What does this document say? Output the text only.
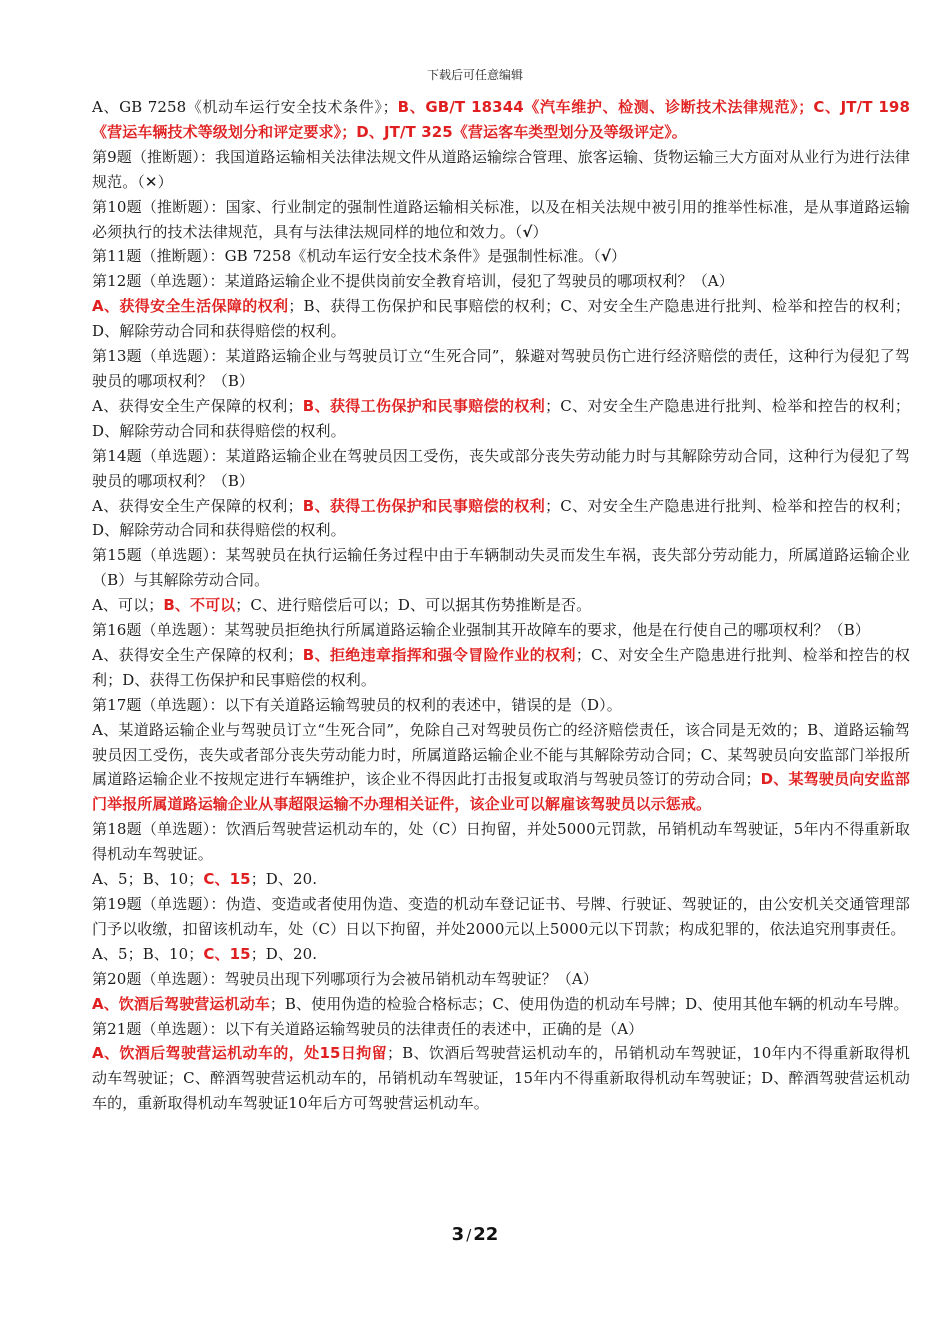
下载后可任意编辑

A、GB 7258《机动车运行安全技术条件》；B、GB/T 18344《汽车维护、检测、诊断技术法律规范》；C、JT/T 198《营运车辆技术等级划分和评定要求》；D、JT/T 325《营运客车类型划分及等级评定》。

第9题（推断题）：我国道路运输相关法律法规文件从道路运输综合管理、旅客运输、货物运输三大方面对从业行为进行法律规范。（✕）

第10题（推断题）：国家、行业制定的强制性道路运输相关标准，以及在相关法规中被引用的推举性标准，是从事道路运输必须执行的技术法律规范，具有与法律法规同样的地位和效力。（√）

第11题（推断题）：GB 7258《机动车运行安全技术条件》是强制性标准。（√）

第12题（单选题）：某道路运输企业不提供岗前安全教育培训，侵犯了驾驶员的哪项权利？（A）

A、获得安全生活保障的权利；B、获得工伤保护和民事赔偿的权利；C、对安全生产隐患进行批判、检举和控告的权利；D、解除劳动合同和获得赔偿的权利。

第13题（单选题）：某道路运输企业与驾驶员订立“生死合同”，躲避对驾驶员伤亡进行经济赔偿的责任，这种行为侵犯了驾驶员的哪项权利？（B）

A、获得安全生产保障的权利；B、获得工伤保护和民事赔偿的权利；C、对安全生产隐患进行批判、检举和控告的权利；D、解除劳动合同和获得赔偿的权利。

第14题（单选题）：某道路运输企业在驾驶员因工受伤，丧失或部分丧失劳动能力时与其解除劳动合同，这种行为侵犯了驾驶员的哪项权利？（B）

A、获得安全生产保障的权利；B、获得工伤保护和民事赔偿的权利；C、对安全生产隐患进行批判、检举和控告的权利；D、解除劳动合同和获得赔偿的权利。

第15题（单选题）：某驾驶员在执行运输任务过程中由于车辆制动失灵而发生车祸，丧失部分劳动能力，所属道路运输企业（B）与其解除劳动合同。

A、可以；B、不可以；C、进行赔偿后可以；D、可以据其伤势推断是否。

第16题（单选题）：某驾驶员拒绝执行所属道路运输企业强制其开故障车的要求，他是在行使自己的哪项权利？（B）

A、获得安全生产保障的权利；B、拒绝违章指挥和强令冒险作业的权利；C、对安全生产隐患进行批判、检举和控告的权利；D、获得工伤保护和民事赔偿的权利。

第17题（单选题）：以下有关道路运输驾驶员的权利的表述中，错误的是（D）。

A、某道路运输企业与驾驶员订立“生死合同”，免除自己对驾驶员伤亡的经济赔偿责任，该合同是无效的；B、道路运输驾驶员因工受伤，丧失或者部分丧失劳动能力时，所属道路运输企业不能与其解除劳动合同；C、某驾驶员向安监部门举报所属道路运输企业不按规定进行车辆维护，该企业不得因此打击报复或取消与驾驶员签订的劳动合同；D、某驾驶员向安监部门举报所属道路运输企业从事超限运输不办理相关证件，该企业可以解雇该驾驶员以示惩戒。

第18题（单选题）：饮酒后驾驶营运机动车的，处（C）日拘留，并处5000元罚款，吊销机动车驾驶证，5年内不得重新取得机动车驾驶证。

A、5；B、10；C、15；D、20.

第19题（单选题）：伪造、变造或者使用伪造、变造的机动车登记证书、号牌、行驶证、驾驶证的，由公安机关交通管理部门予以收缴，扣留该机动车，处（C）日以下拘留，并处2000元以上5000元以下罚款；构成犯罪的，依法追究刑事责任。

A、5；B、10；C、15；D、20.

第20题（单选题）：驾驶员出现下列哪项行为会被吊销机动车驾驶证？（A）

A、饮酒后驾驶营运机动车；B、使用伪造的检验合格标志；C、使用伪造的机动车号牌；D、使用其他车辆的机动车号牌。

第21题（单选题）：以下有关道路运输驾驶员的法律责任的表述中，正确的是（A）

A、饮酒后驾驶营运机动车的，处15日拘留；B、饮酒后驾驶营运机动车的，吊销机动车驾驶证，10年内不得重新取得机动车驾驶证；C、醉酒驾驶营运机动车的，吊销机动车驾驶证，15年内不得重新取得机动车驾驶证；D、醉酒驾驶营运机动车的，重新取得机动车驾驶证10年后方可驾驶营运机动车。

3 / 22
